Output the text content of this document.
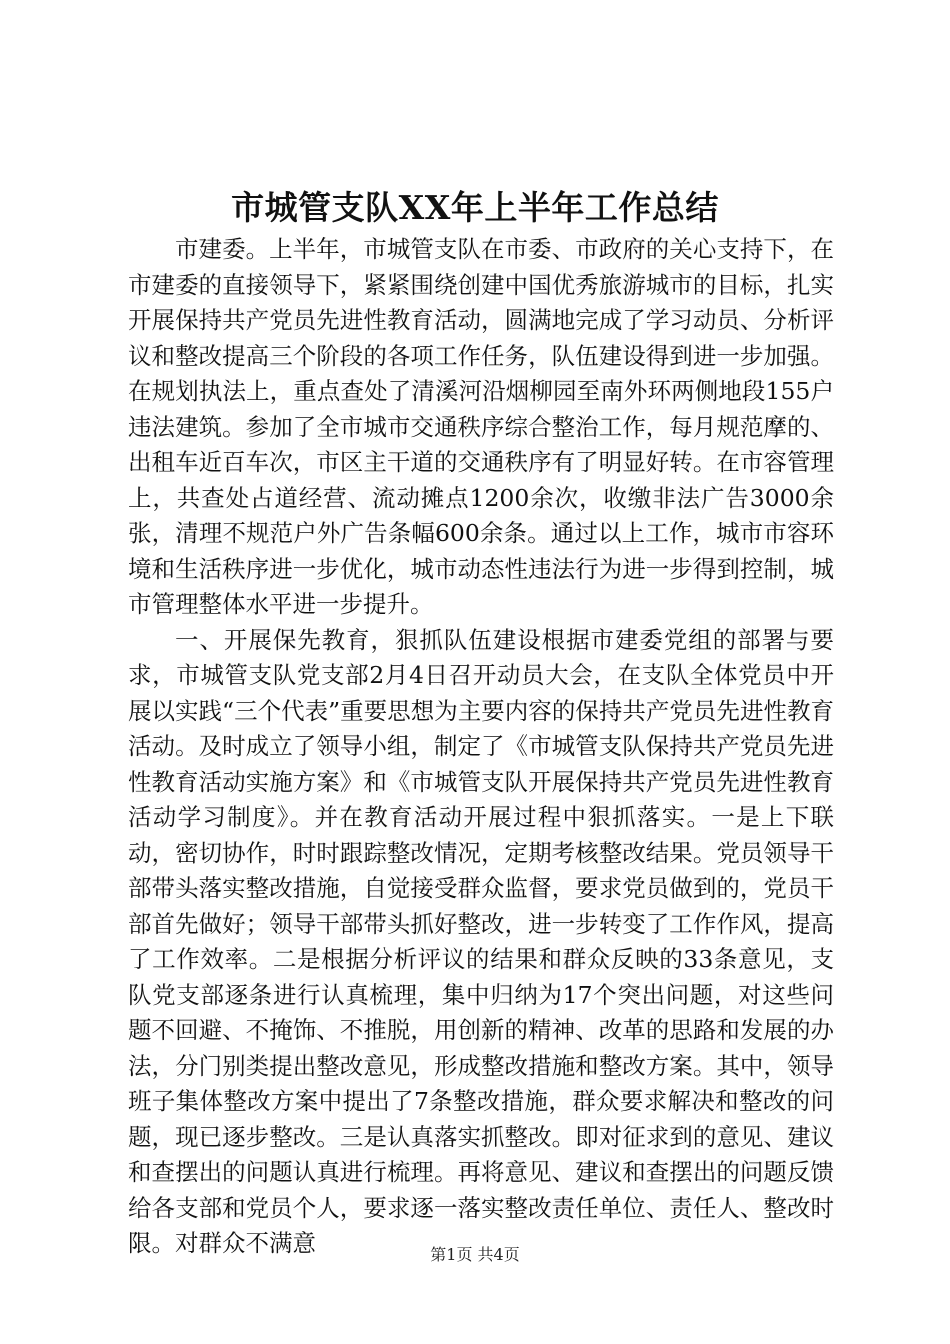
市城管支队XX年上半年工作总结

市建委。上半年，市城管支队在市委、市政府的关心支持下，在市建委的直接领导下，紧紧围绕创建中国优秀旅游城市的目标，扎实开展保持共产党员先进性教育活动，圆满地完成了学习动员、分析评议和整改提高三个阶段的各项工作任务，队伍建设得到进一步加强。在规划执法上，重点查处了清溪河沿烟柳园至南外环两侧地段155户违法建筑。参加了全市城市交通秩序综合整治工作，每月规范摩的、出租车近百车次，市区主干道的交通秩序有了明显好转。在市容管理上，共查处占道经营、流动摊点1200余次，收缴非法广告3000余张，清理不规范户外广告条幅600余条。通过以上工作，城市市容环境和生活秩序进一步优化，城市动态性违法行为进一步得到控制，城市管理整体水平进一步提升。

一、开展保先教育，狠抓队伍建设根据市建委党组的部署与要求，市城管支队党支部2月4日召开动员大会，在支队全体党员中开展以实践“三个代表”重要思想为主要内容的保持共产党员先进性教育活动。及时成立了领导小组，制定了《市城管支队保持共产党员先进性教育活动实施方案》和《市城管支队开展保持共产党员先进性教育活动学习制度》。并在教育活动开展过程中狠抓落实。一是上下联动，密切协作，时时跟踪整改情况，定期考核整改结果。党员领导干部带头落实整改措施，自觉接受群众监督，要求党员做到的，党员干部首先做好；领导干部带头抓好整改，进一步转变了工作作风，提高了工作效率。二是根据分析评议的结果和群众反映的33条意见，支队党支部逐条进行认真梳理，集中归纳为17个突出问题，对这些问题不回避、不掩饰、不推脱，用创新的精神、改革的思路和发展的办法，分门别类提出整改意见，形成整改措施和整改方案。其中，领导班子集体整改方案中提出了7条整改措施，群众要求解决和整改的问题，现已逐步整改。三是认真落实抓整改。即对征求到的意见、建议和查摆出的问题认真进行梳理。再将意见、建议和查摆出的问题反馈给各支部和党员个人，要求逐一落实整改责任单位、责任人、整改时限。对群众不满意	第1页 共4页
